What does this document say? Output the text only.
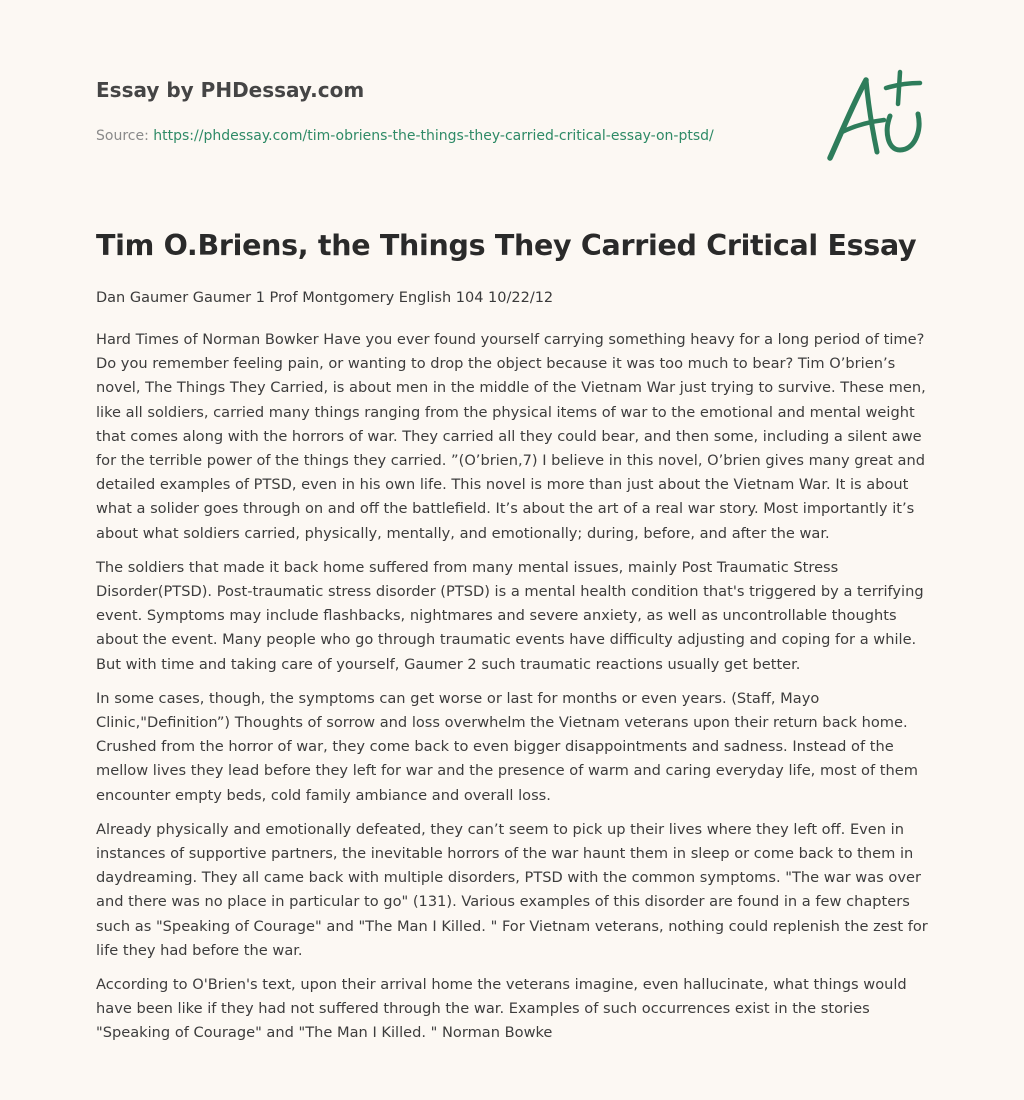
Essay by PHDessay.com
Source: https://phdessay.com/tim-obriens-the-things-they-carried-critical-essay-on-ptsd/
Tim O.Briens, the Things They Carried Critical Essay

Dan Gaumer Gaumer 1 Prof Montgomery English 104 10/22/12

Hard Times of Norman Bowker Have you ever found yourself carrying something heavy for a long period of time? Do you remember feeling pain, or wanting to drop the object because it was too much to bear? Tim O’brien’s novel, The Things They Carried, is about men in the middle of the Vietnam War just trying to survive. These men, like all soldiers, carried many things ranging from the physical items of war to the emotional and mental weight that comes along with the horrors of war. They carried all they could bear, and then some, including a silent awe for the terrible power of the things they carried. ”(O’brien,7) I believe in this novel, O’brien gives many great and detailed examples of PTSD, even in his own life. This novel is more than just about the Vietnam War. It is about what a solider goes through on and off the battlefield. It’s about the art of a real war story. Most importantly it’s about what soldiers carried, physically, mentally, and emotionally; during, before, and after the war.

The soldiers that made it back home suffered from many mental issues, mainly Post Traumatic Stress Disorder(PTSD). Post-traumatic stress disorder (PTSD) is a mental health condition that's triggered by a terrifying event. Symptoms may include flashbacks, nightmares and severe anxiety, as well as uncontrollable thoughts about the event. Many people who go through traumatic events have difficulty adjusting and coping for a while. But with time and taking care of yourself, Gaumer 2 such traumatic reactions usually get better.

In some cases, though, the symptoms can get worse or last for months or even years. (Staff, Mayo Clinic,"Definition”) Thoughts of sorrow and loss overwhelm the Vietnam veterans upon their return back home. Crushed from the horror of war, they come back to even bigger disappointments and sadness. Instead of the mellow lives they lead before they left for war and the presence of warm and caring everyday life, most of them encounter empty beds, cold family ambiance and overall loss.

Already physically and emotionally defeated, they can’t seem to pick up their lives where they left off. Even in instances of supportive partners, the inevitable horrors of the war haunt them in sleep or come back to them in daydreaming. They all came back with multiple disorders, PTSD with the common symptoms. "The war was over and there was no place in particular to go" (131). Various examples of this disorder are found in a few chapters such as "Speaking of Courage" and "The Man I Killed. " For Vietnam veterans, nothing could replenish the zest for life they had before the war.

According to O'Brien's text, upon their arrival home the veterans imagine, even hallucinate, what things would have been like if they had not suffered through the war. Examples of such occurrences exist in the stories "Speaking of Courage" and "The Man I Killed. " Norman Bowke
